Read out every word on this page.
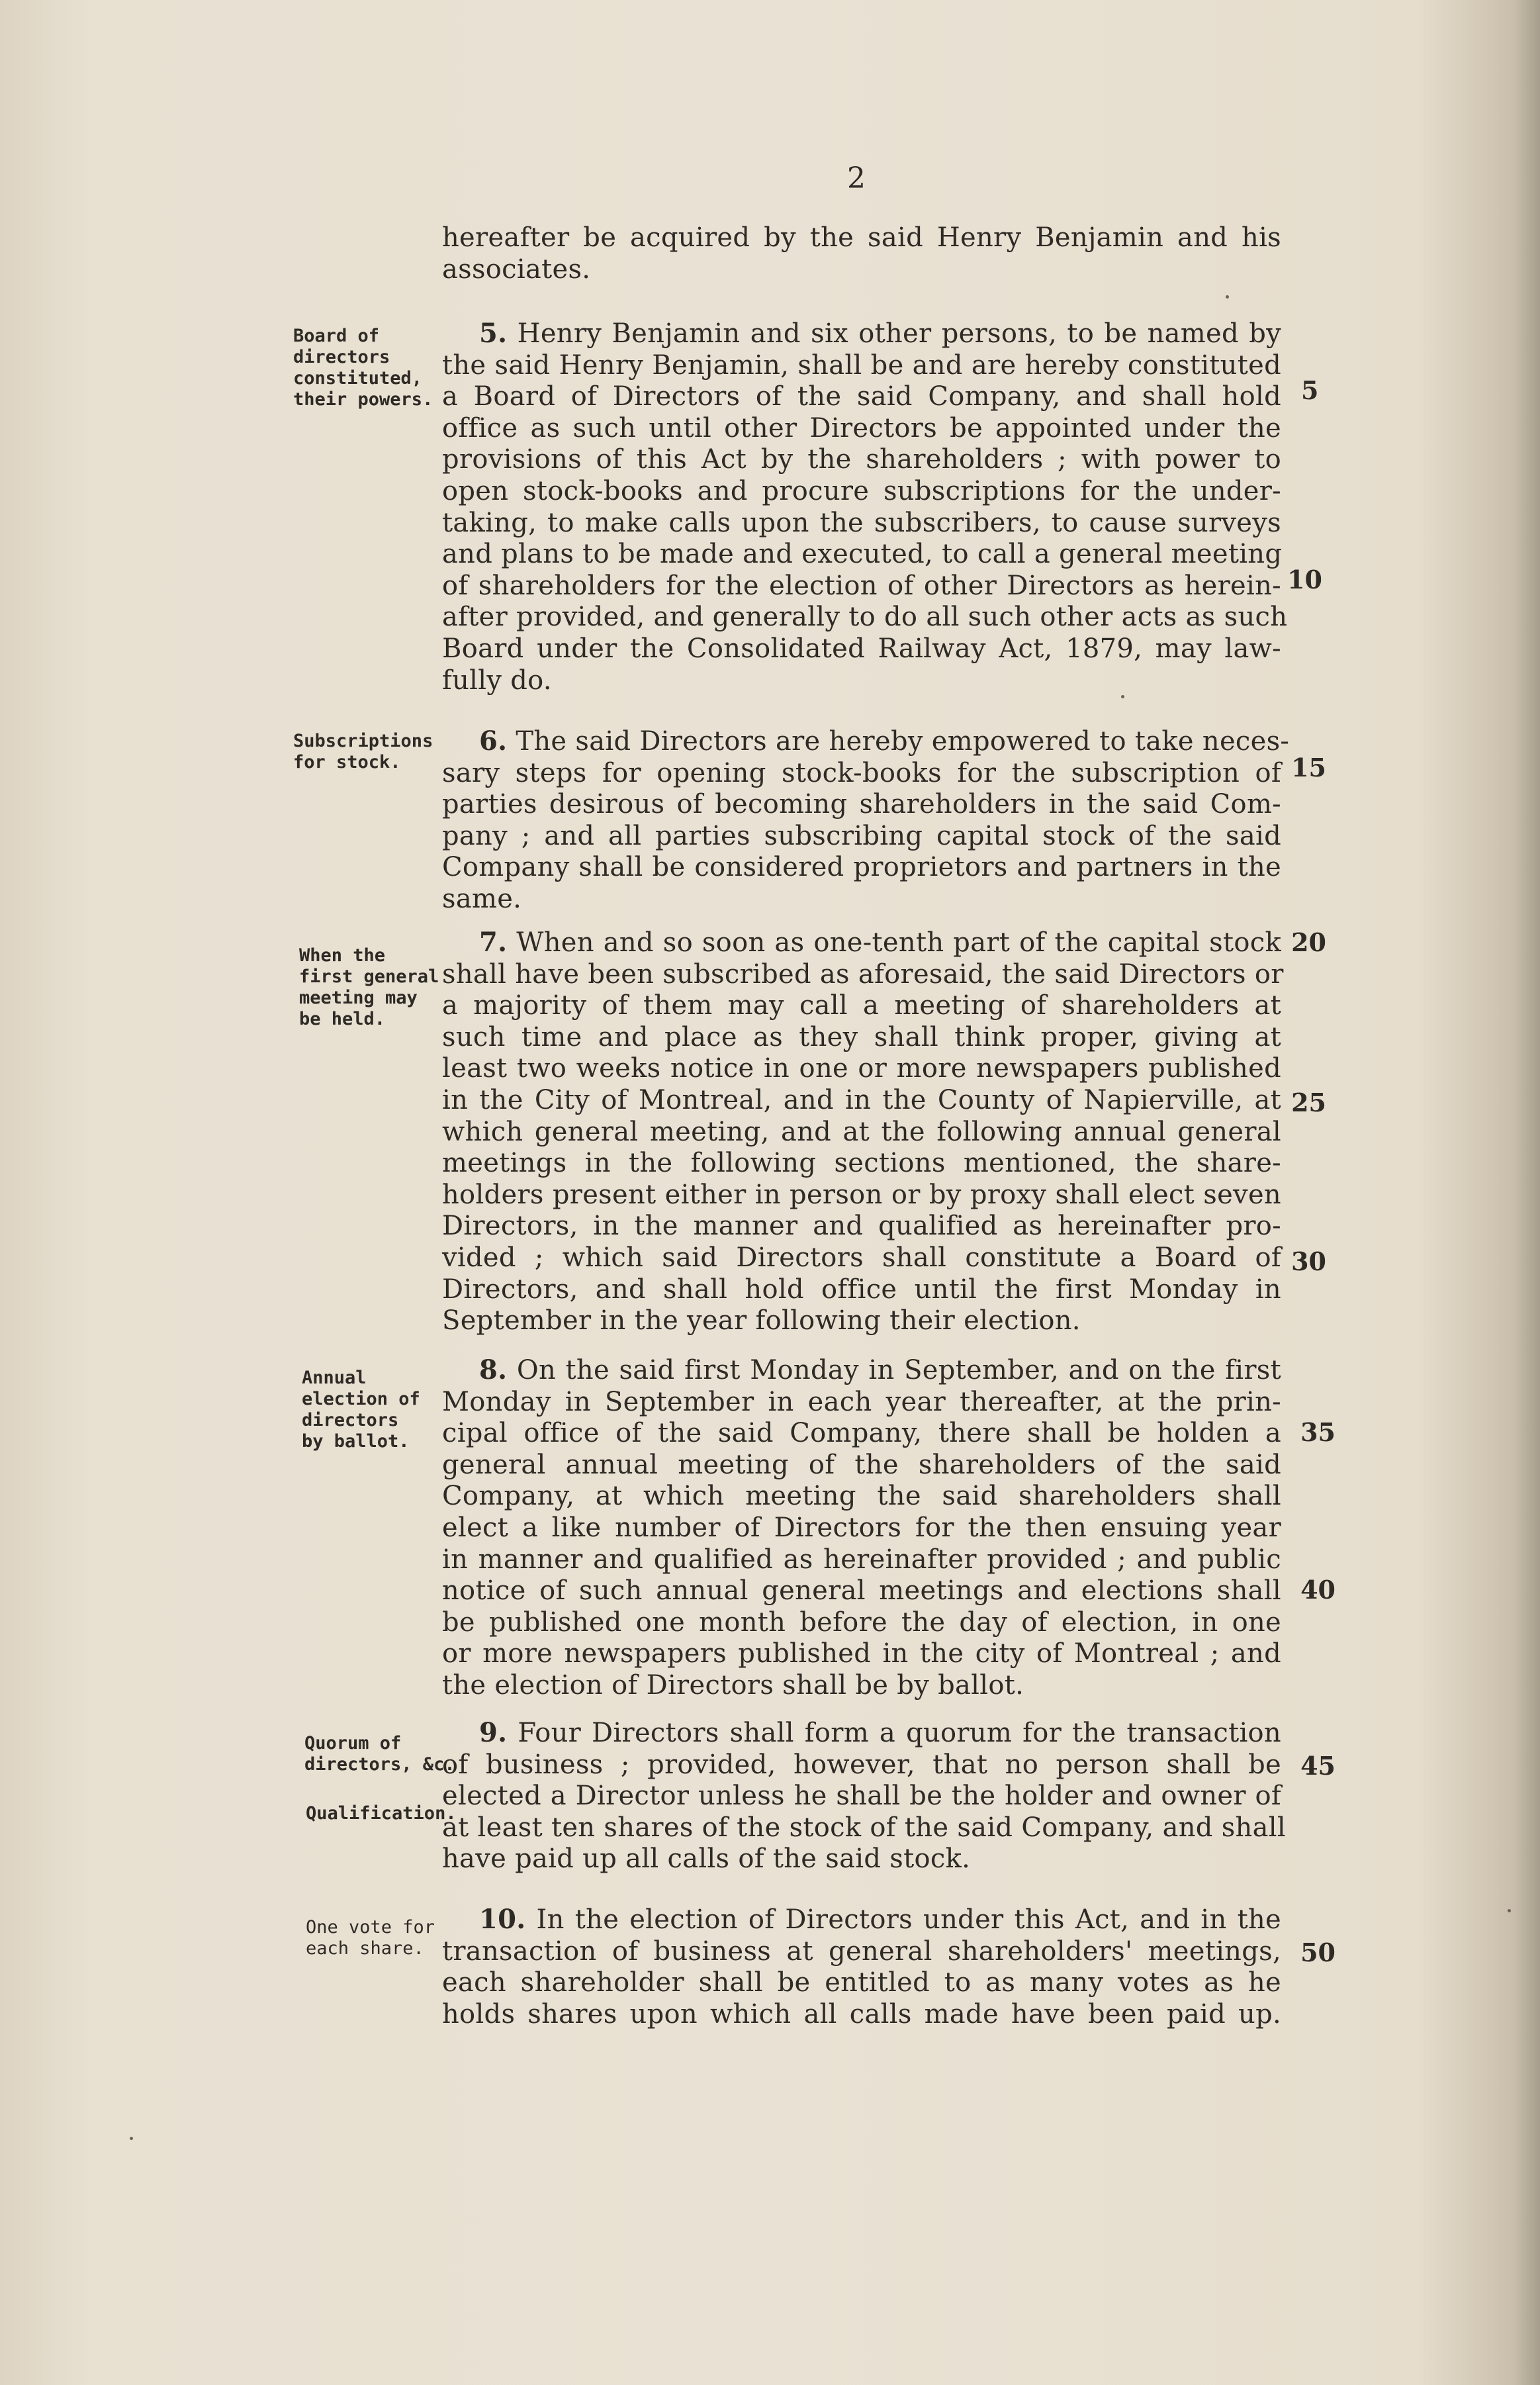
2
hereafter be acquired by the said Henry Benjamin and his
associates.
5. Henry Benjamin and six other persons, to be named by
the said Henry Benjamin, shall be and are hereby constituted
a Board of Directors of the said Company, and shall hold
office as such until other Directors be appointed under the
provisions of this Act by the shareholders ; with power to
open stock-books and procure subscriptions for the under-
taking, to make calls upon the subscribers, to cause surveys
and plans to be made and executed, to call a general meeting
of shareholders for the election of other Directors as herein-
after provided, and generally to do all such other acts as such
Board under the Consolidated Railway Act, 1879, may law-
fully do.
6. The said Directors are hereby empowered to take neces-
sary steps for opening stock-books for the subscription of
parties desirous of becoming shareholders in the said Com-
pany ; and all parties subscribing capital stock of the said
Company shall be considered proprietors and partners in the
same.
7. When and so soon as one-tenth part of the capital stock
shall have been subscribed as aforesaid, the said Directors or
a majority of them may call a meeting of shareholders at
such time and place as they shall think proper, giving at
least two weeks notice in one or more newspapers published
in the City of Montreal, and in the County of Napierville, at
which general meeting, and at the following annual general
meetings in the following sections mentioned, the share-
holders present either in person or by proxy shall elect seven
Directors, in the manner and qualified as hereinafter pro-
vided ; which said Directors shall constitute a Board of
Directors, and shall hold office until the first Monday in
September in the year following their election.
8. On the said first Monday in September, and on the first
Monday in September in each year thereafter, at the prin-
cipal office of the said Company, there shall be holden a
general annual meeting of the shareholders of the said
Company, at which meeting the said shareholders shall
elect a like number of Directors for the then ensuing year
in manner and qualified as hereinafter provided ; and public
notice of such annual general meetings and elections shall
be published one month before the day of election, in one
or more newspapers published in the city of Montreal ; and
the election of Directors shall be by ballot.
9. Four Directors shall form a quorum for the transaction
of business ; provided, however, that no person shall be
elected a Director unless he shall be the holder and owner of
at least ten shares of the stock of the said Company, and shall
have paid up all calls of the said stock.
10. In the election of Directors under this Act, and in the
transaction of business at general shareholders' meetings,
each shareholder shall be entitled to as many votes as he
holds shares upon which all calls made have been paid up.
Board of
directors
constituted,
their powers.
Subscriptions
for stock.
When the
first general
meeting may
be held.
Annual
election of
directors
by ballot.
Quorum of
directors, &c.
Qualification.
One vote for
each share.
5
10
15
20
25
30
35
40
45
50
